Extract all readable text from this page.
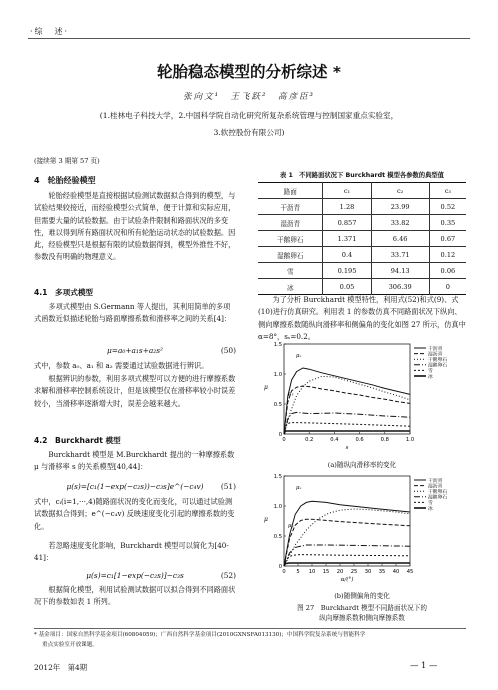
·综　述·
轮胎稳态模型的分析综述 *
张向文¹　王飞跃²　高彦臣³
(1.桂林电子科技大学，2.中国科学院自动化研究所复杂系统管理与控制国家重点实验室，
3.软控股份有限公司)
(接续第 3 期第 57 页)
4　轮胎经验模型

轮胎经验模型是直接根据试验测试数据拟合得到的模型，与试验结果较接近，而经验模型公式简单，便于计算和实际应用，但需要大量的试验数据。由于试验条件限制和路面状况的多变性，难以得到所有路面状况和所有轮胎运动状态的试验数据。因此，经验模型只是根据有限的试验数据得到，模型外推性不好，参数没有明确的物理意义。

4.1　多项式模型

多项式模型由 S.Germann 等人提出，其利用简单的多项式函数近似描述轮胎与路面摩擦系数和滑移率之间的关系[4]：

μ=a₀+a₁s+a₂s²	(50)
式中，参数 a₀、a₁ 和 a₂ 需要通过试验数据进行辨识。

根据辨识的参数，利用多项式模型可以方便的进行摩擦系数求解和滑移率控制系统设计，但是该模型仅在滑移率较小时误差较小，当滑移率逐渐增大时，误差会越来越大。

4.2　Burckhardt 模型

Burckhardt 模型是 M.Burckhardt 提出的一种摩擦系数 μ 与滑移率 s 的关系模型[40,44]：

μ(s)=[c₁(1−exp(−c₂s))−c₃s]e^(−c₄v) (51)
式中，cᵢ(i=1,···,4)随路面状况的变化而变化，可以通过试验测试数据拟合得到；e^(−c₄v) 反映速度变化引起的摩擦系数的变化。

若忽略速度变化影响，Burckhardt 模型可以简化为[40-41]：

μ(s)=c₁[1−exp(−c₂s)]−c₃s	(52)

根据简化模型，利用试验测试数据可以拟合得到不同路面状况下的参数如表 1 所列。

表 1　不同路面状况下 Burckhardt 模型各参数的典型值
路面	c₁	c₂	c₃
干沥青	1.28	23.99	0.52
湿沥青	0.857	33.82	0.35
干鹅卵石	1.371	6.46	0.67
湿鹅卵石	0.4	33.71	0.12
雪	0.195	94.13	0.06
冰	0.05	306.39	0

为了分析 Burckhardt 模型特性，利用式(52)和式(9)、式(10)进行仿真研究。利用表 1 的参数仿真不同路面状况下纵向、侧向摩擦系数随纵向滑移率和侧偏角的变化如图 27 所示，仿真中 α=8°，sₛ=0.2。

0	0.2	0.4	0.6	0.8	1.0
0
0.5
1.0
1.5
s
μ
μₓ
μᵧ
干沥青
湿沥青
干鹅卵石
湿鹅卵石
雪
冰
(a)随纵向滑移率的变化
0 5 10 15 20 25 30 35 40 45
0
0.5
1.0
1.5
α/(°)
μ
μₓ
μᵧ
干沥青
湿沥青
干鹅卵石
湿鹅卵石
雪
冰
(b)随侧偏角的变化
图 27　Burckhardt 模型不同路面状况下的
纵向摩擦系数和侧向摩擦系数
* 基金项目：国家自然科学基金项目(60804059)；广西自然科学基金项目(2010GXNSFA013130)；中国科学院复杂系统与智能科学
重点实验室开放课题。
2012年　第4期	— 1 —
